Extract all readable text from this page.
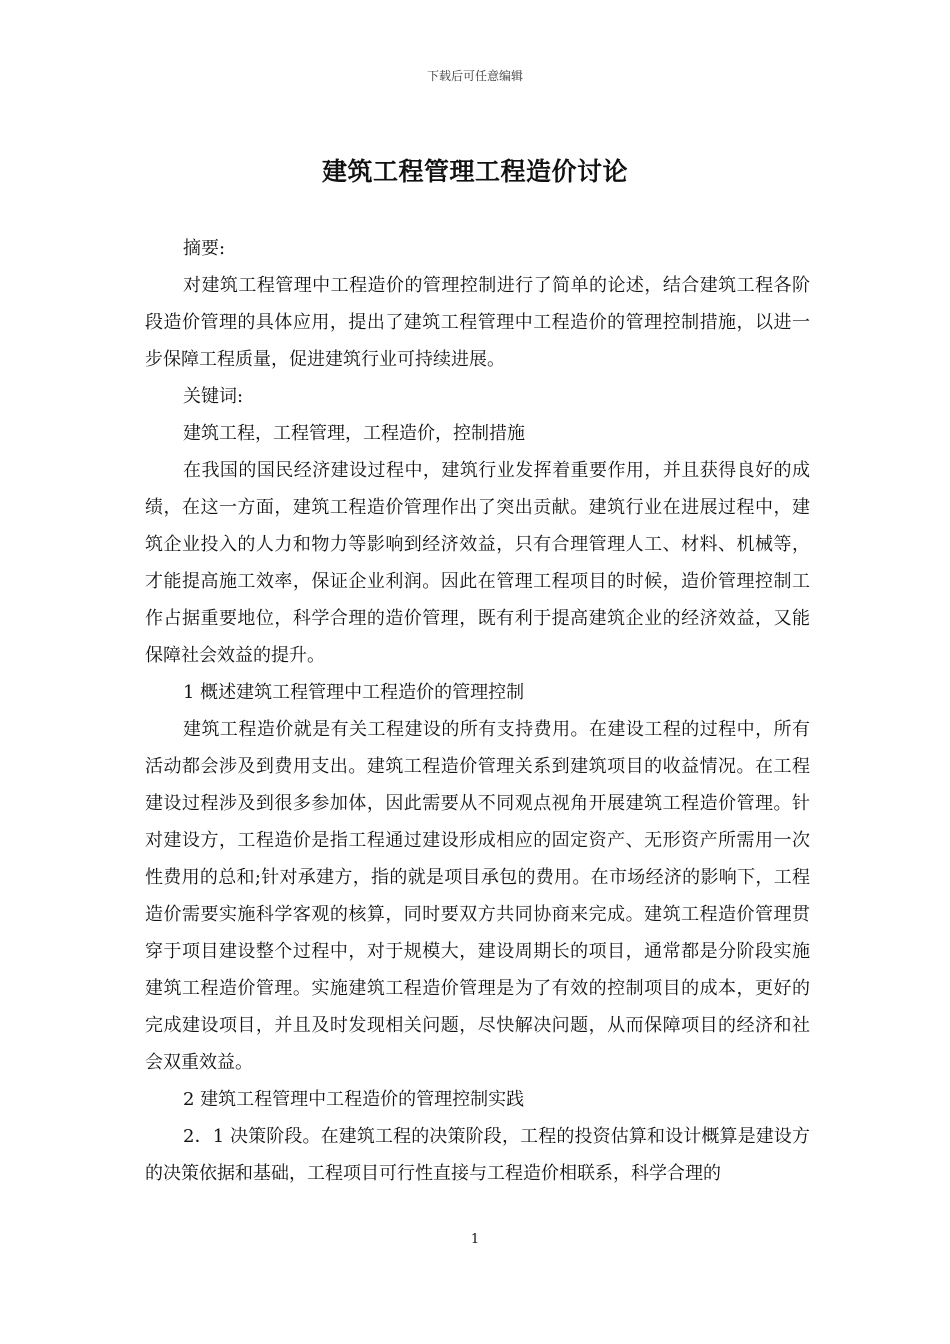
下载后可任意编辑
建筑工程管理工程造价讨论

摘要:

对建筑工程管理中工程造价的管理控制进行了简单的论述，结合建筑工程各阶段造价管理的具体应用，提出了建筑工程管理中工程造价的管理控制措施，以进一步保障工程质量，促进建筑行业可持续进展。

关键词:

建筑工程，工程管理，工程造价，控制措施

在我国的国民经济建设过程中，建筑行业发挥着重要作用，并且获得良好的成绩，在这一方面，建筑工程造价管理作出了突出贡献。建筑行业在进展过程中，建筑企业投入的人力和物力等影响到经济效益，只有合理管理人工、材料、机械等，才能提高施工效率，保证企业利润。因此在管理工程项目的时候，造价管理控制工作占据重要地位，科学合理的造价管理，既有利于提高建筑企业的经济效益，又能保障社会效益的提升。

1 概述建筑工程管理中工程造价的管理控制

建筑工程造价就是有关工程建设的所有支持费用。在建设工程的过程中，所有活动都会涉及到费用支出。建筑工程造价管理关系到建筑项目的收益情况。在工程建设过程涉及到很多参加体，因此需要从不同观点视角开展建筑工程造价管理。针对建设方，工程造价是指工程通过建设形成相应的固定资产、无形资产所需用一次性费用的总和;针对承建方，指的就是项目承包的费用。在市场经济的影响下，工程造价需要实施科学客观的核算，同时要双方共同协商来完成。建筑工程造价管理贯穿于项目建设整个过程中，对于规模大，建设周期长的项目，通常都是分阶段实施建筑工程造价管理。实施建筑工程造价管理是为了有效的控制项目的成本，更好的完成建设项目，并且及时发现相关问题，尽快解决问题，从而保障项目的经济和社会双重效益。

2 建筑工程管理中工程造价的管理控制实践

2．1 决策阶段。在建筑工程的决策阶段，工程的投资估算和设计概算是建设方的决策依据和基础，工程项目可行性直接与工程造价相联系，科学合理的

1
